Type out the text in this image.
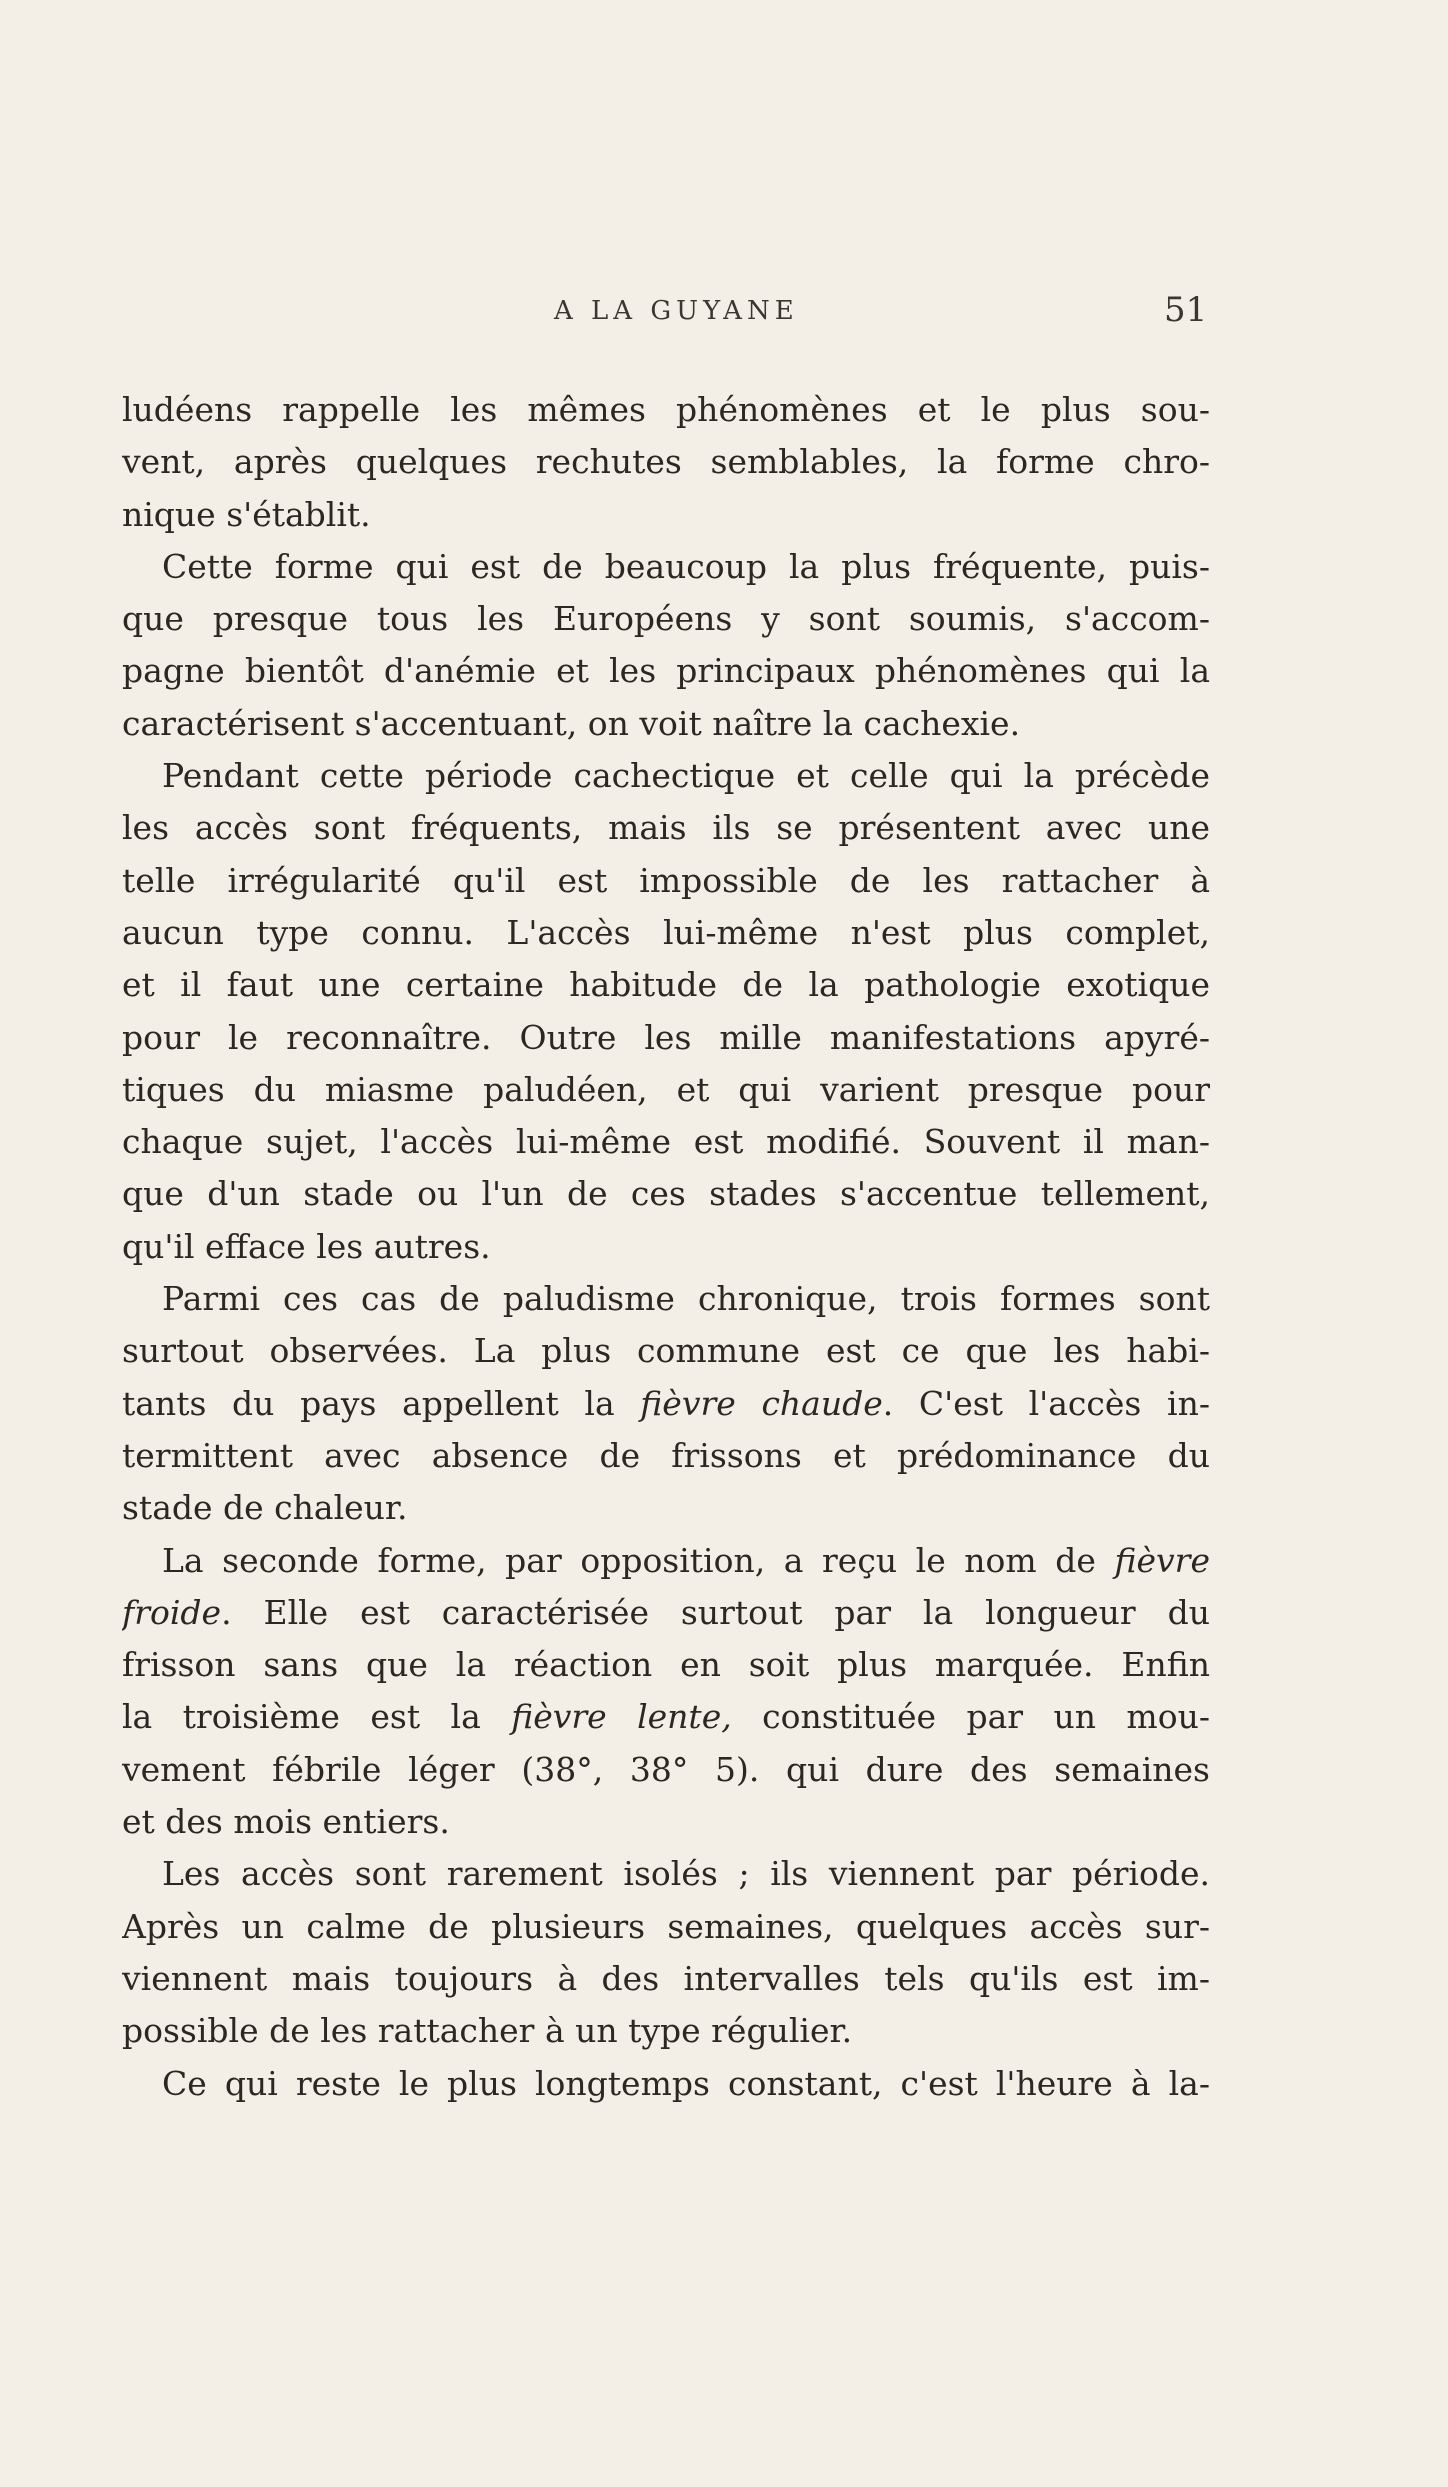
A LA GUYANE	51
ludéens rappelle les mêmes phénomènes et le plus sou-
vent, après quelques rechutes semblables, la forme chro-
nique s'établit.
Cette forme qui est de beaucoup la plus fréquente, puis-
que presque tous les Européens y sont soumis, s'accom-
pagne bientôt d'anémie et les principaux phénomènes qui la
caractérisent s'accentuant, on voit naître la cachexie.
Pendant cette période cachectique et celle qui la précède
les accès sont fréquents, mais ils se présentent avec une
telle irrégularité qu'il est impossible de les rattacher à
aucun type connu. L'accès lui-même n'est plus complet,
et il faut une certaine habitude de la pathologie exotique
pour le reconnaître. Outre les mille manifestations apyré-
tiques du miasme paludéen, et qui varient presque pour
chaque sujet, l'accès lui-même est modifié. Souvent il man-
que d'un stade ou l'un de ces stades s'accentue tellement,
qu'il efface les autres.
Parmi ces cas de paludisme chronique, trois formes sont
surtout observées. La plus commune est ce que les habi-
tants du pays appellent la fièvre chaude. C'est l'accès in-
termittent avec absence de frissons et prédominance du
stade de chaleur.
La seconde forme, par opposition, a reçu le nom de fièvre
froide. Elle est caractérisée surtout par la longueur du
frisson sans que la réaction en soit plus marquée. Enfin
la troisième est la fièvre lente, constituée par un mou-
vement fébrile léger (38°, 38° 5). qui dure des semaines
et des mois entiers.
Les accès sont rarement isolés ; ils viennent par période.
Après un calme de plusieurs semaines, quelques accès sur-
viennent mais toujours à des intervalles tels qu'ils est im-
possible de les rattacher à un type régulier.
Ce qui reste le plus longtemps constant, c'est l'heure à la-
